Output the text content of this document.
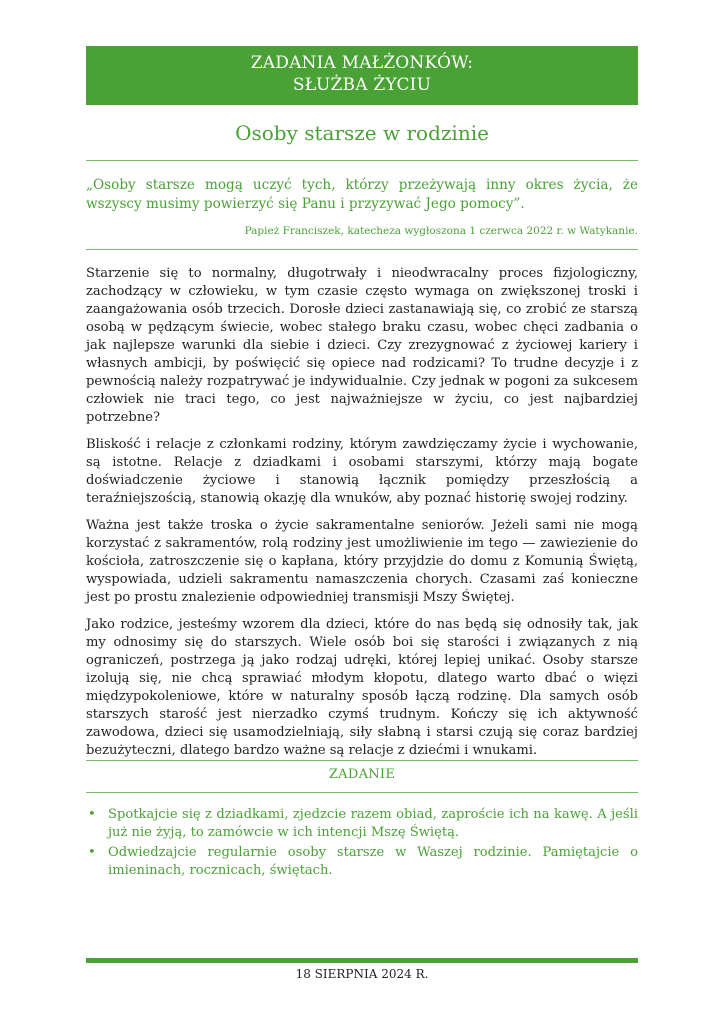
ZADANIA MAŁŻONKÓW:
SŁUŻBA ŻYCIU
Osoby starsze w rodzinie
„Osoby starsze mogą uczyć tych, którzy przeżywają inny okres życia, że wszyscy musimy powierzyć się Panu i przyzywać Jego pomocy”.
Papież Franciszek, katecheza wygłoszona 1 czerwca 2022 r. w Watykanie.

Starzenie się to normalny, długotrwały i nieodwracalny proces fizjologiczny, zachodzący w człowieku, w tym czasie często wymaga on zwiększonej troski i zaangażowania osób trzecich. Dorosłe dzieci zastanawiają się, co zrobić ze starszą osobą w pędzącym świecie, wobec stałego braku czasu, wobec chęci zadbania o jak najlepsze warunki dla siebie i dzieci. Czy zrezygnować z życiowej kariery i własnych ambicji, by poświęcić się opiece nad rodzicami? To trudne decyzje i z pewnością należy rozpatrywać je indywidualnie. Czy jednak w pogoni za sukcesem człowiek nie traci tego, co jest najważniejsze w życiu, co jest najbardziej potrzebne?

Bliskość i relacje z członkami rodziny, którym zawdzięczamy życie i wychowanie, są istotne. Relacje z dziadkami i osobami starszymi, którzy mają bogate doświadczenie życiowe i stanowią łącznik pomiędzy przeszłością a teraźniejszością, stanowią okazję dla wnuków, aby poznać historię swojej rodziny.

Ważna jest także troska o życie sakramentalne seniorów. Jeżeli sami nie mogą korzystać z sakramentów, rolą rodziny jest umożliwienie im tego — zawiezienie do kościoła, zatroszczenie się o kapłana, który przyjdzie do domu z Komunią Świętą, wyspowiada, udzieli sakramentu namaszczenia chorych. Czasami zaś konieczne jest po prostu znalezienie odpowiedniej transmisji Mszy Świętej.

Jako rodzice, jesteśmy wzorem dla dzieci, które do nas będą się odnosiły tak, jak my odnosimy się do starszych. Wiele osób boi się starości i związanych z nią ograniczeń, postrzega ją jako rodzaj udręki, której lepiej unikać. Osoby starsze izolują się, nie chcą sprawiać młodym kłopotu, dlatego warto dbać o więzi międzypokoleniowe, które w naturalny sposób łączą rodzinę. Dla samych osób starszych starość jest nierzadko czymś trudnym. Kończy się ich aktywność zawodowa, dzieci się usamodzielniają, siły słabną i starsi czują się coraz bardziej bezużyteczni, dlatego bardzo ważne są relacje z dziećmi i wnukami.

ZADANIE
• Spotkajcie się z dziadkami, zjedzcie razem obiad, zaproście ich na kawę. A jeśli już nie żyją, to zamówcie w ich intencji Mszę Świętą.
• Odwiedzajcie regularnie osoby starsze w Waszej rodzinie. Pamiętajcie o imieninach, rocznicach, świętach.
18 SIERPNIA 2024 R.
